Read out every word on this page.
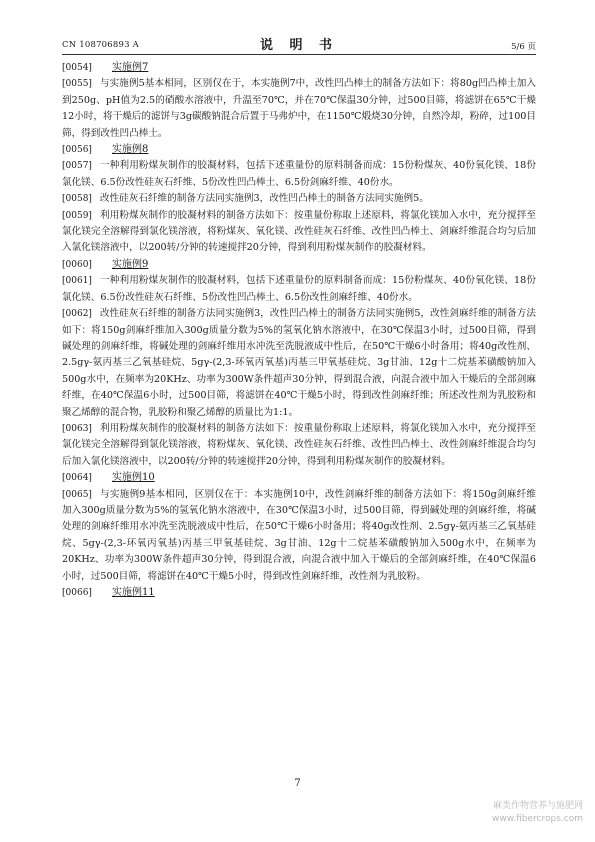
CN 108706893 A	说 明 书	5/6 页

[0054] 实施例7

[0055] 与实施例5基本相同，区别仅在于，本实施例7中，改性凹凸棒土的制备方法如下：将80g凹凸棒土加入到250g、pH值为2.5的硝酸水溶液中，升温至70℃，并在70℃保温30分钟，过500目筛，将滤饼在65℃干燥12小时，将干燥后的滤饼与3g碳酸钠混合后置于马弗炉中，在1150℃煅烧30分钟，自然冷却，粉碎，过100目筛，得到改性凹凸棒土。

[0056] 实施例8

[0057] 一种利用粉煤灰制作的胶凝材料，包括下述重量份的原料制备而成：15份粉煤灰、40份氧化镁、18份氯化镁、6.5份改性硅灰石纤维、5份改性凹凸棒土、6.5份剑麻纤维、40份水。

[0058] 改性硅灰石纤维的制备方法同实施例3，改性凹凸棒土的制备方法同实施例5。

[0059] 利用粉煤灰制作的胶凝材料的制备方法如下：按重量份称取上述原料，将氯化镁加入水中，充分搅拌至氯化镁完全溶解得到氯化镁溶液，将粉煤灰、氧化镁、改性硅灰石纤维、改性凹凸棒土、剑麻纤维混合均匀后加入氯化镁溶液中，以200转/分钟的转速搅拌20分钟，得到利用粉煤灰制作的胶凝材料。

[0060] 实施例9

[0061] 一种利用粉煤灰制作的胶凝材料，包括下述重量份的原料制备而成：15份粉煤灰、40份氧化镁、18份氯化镁、6.5份改性硅灰石纤维、5份改性凹凸棒土、6.5份改性剑麻纤维、40份水。

[0062] 改性硅灰石纤维的制备方法同实施例3，改性凹凸棒土的制备方法同实施例5，改性剑麻纤维的制备方法如下：将150g剑麻纤维加入300g质量分数为5%的氢氧化钠水溶液中，在30℃保温3小时，过500目筛，得到碱处理的剑麻纤维，将碱处理的剑麻纤维用水冲洗至洗脱液成中性后，在50℃干燥6小时备用；将40g改性剂、2.5gγ-氨丙基三乙氧基硅烷、5gγ-(2,3-环氧丙氧基)丙基三甲氧基硅烷、3g甘油、12g十二烷基苯磺酸钠加入500g水中，在频率为20KHz、功率为300W条件超声30分钟，得到混合液，向混合液中加入干燥后的全部剑麻纤维，在40℃保温6小时，过500目筛，将滤饼在40℃干燥5小时，得到改性剑麻纤维；所述改性剂为乳胶粉和聚乙烯醇的混合物，乳胶粉和聚乙烯醇的质量比为1:1。

[0063] 利用粉煤灰制作的胶凝材料的制备方法如下：按重量份称取上述原料，将氯化镁加入水中，充分搅拌至氯化镁完全溶解得到氯化镁溶液，将粉煤灰、氧化镁、改性硅灰石纤维、改性凹凸棒土、改性剑麻纤维混合均匀后加入氯化镁溶液中，以200转/分钟的转速搅拌20分钟，得到利用粉煤灰制作的胶凝材料。

[0064] 实施例10

[0065] 与实施例9基本相同，区别仅在于：本实施例10中，改性剑麻纤维的制备方法如下：将150g剑麻纤维加入300g质量分数为5%的氢氧化钠水溶液中，在30℃保温3小时，过500目筛，得到碱处理的剑麻纤维，将碱处理的剑麻纤维用水冲洗至洗脱液成中性后，在50℃干燥6小时备用；将40g改性剂、2.5gγ-氨丙基三乙氧基硅烷、5gγ-(2,3-环氧丙氧基)丙基三甲氧基硅烷、3g甘油、12g十二烷基苯磺酸钠加入500g水中，在频率为20KHz、功率为300W条件超声30分钟，得到混合液，向混合液中加入干燥后的全部剑麻纤维，在40℃保温6小时，过500目筛，将滤饼在40℃干燥5小时，得到改性剑麻纤维，改性剂为乳胶粉。

[0066] 实施例11

7
麻类作物营养与施肥网
www.fibercrops.com
